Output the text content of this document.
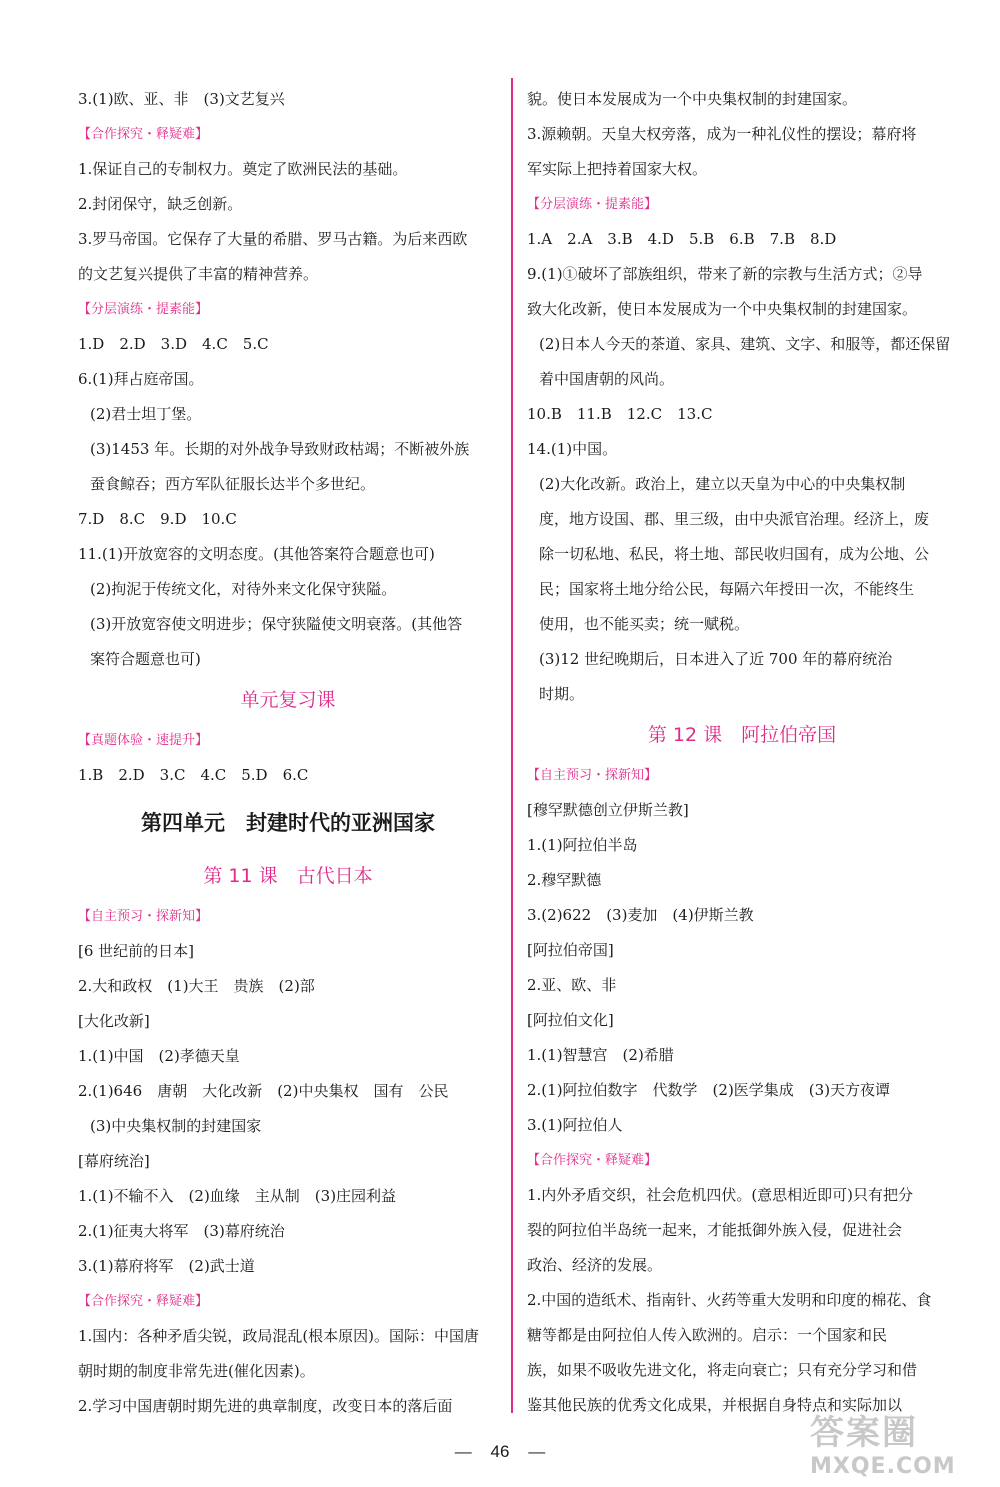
3.(1)欧、亚、非　(3)文艺复兴
【合作探究・释疑难】
1.保证自己的专制权力。奠定了欧洲民法的基础。
2.封闭保守，缺乏创新。
3.罗马帝国。它保存了大量的希腊、罗马古籍。为后来西欧
的文艺复兴提供了丰富的精神营养。
【分层演练・提素能】
1.D　2.D　3.D　4.C　5.C
6.(1)拜占庭帝国。
(2)君士坦丁堡。
(3)1453 年。长期的对外战争导致财政枯竭；不断被外族
蚕食鲸吞；西方军队征服长达半个多世纪。
7.D　8.C　9.D　10.C
11.(1)开放宽容的文明态度。(其他答案符合题意也可)
(2)拘泥于传统文化，对待外来文化保守狭隘。
(3)开放宽容使文明进步；保守狭隘使文明衰落。(其他答
案符合题意也可)
单元复习课
【真题体验・速提升】
1.B　2.D　3.C　4.C　5.D　6.C
第四单元　封建时代的亚洲国家
第 11 课　古代日本
【自主预习・探新知】
[6 世纪前的日本]
2.大和政权　(1)大王　贵族　(2)部
[大化改新]
1.(1)中国　(2)孝德天皇
2.(1)646　唐朝　大化改新　(2)中央集权　国有　公民
(3)中央集权制的封建国家
[幕府统治]
1.(1)不输不入　(2)血缘　主从制　(3)庄园利益
2.(1)征夷大将军　(3)幕府统治
3.(1)幕府将军　(2)武士道
【合作探究・释疑难】
1.国内：各种矛盾尖锐，政局混乱(根本原因)。国际：中国唐
朝时期的制度非常先进(催化因素)。
2.学习中国唐朝时期先进的典章制度，改变日本的落后面
貌。使日本发展成为一个中央集权制的封建国家。
3.源赖朝。天皇大权旁落，成为一种礼仪性的摆设；幕府将
军实际上把持着国家大权。
【分层演练・提素能】
1.A　2.A　3.B　4.D　5.B　6.B　7.B　8.D
9.(1)①破坏了部族组织，带来了新的宗教与生活方式；②导
致大化改新，使日本发展成为一个中央集权制的封建国家。
(2)日本人今天的茶道、家具、建筑、文字、和服等，都还保留
着中国唐朝的风尚。
10.B　11.B　12.C　13.C
14.(1)中国。
(2)大化改新。政治上，建立以天皇为中心的中央集权制
度，地方设国、郡、里三级，由中央派官治理。经济上，废
除一切私地、私民，将土地、部民收归国有，成为公地、公
民；国家将土地分给公民，每隔六年授田一次，不能终生
使用，也不能买卖；统一赋税。
(3)12 世纪晚期后，日本进入了近 700 年的幕府统治
时期。
第 12 课　阿拉伯帝国
【自主预习・探新知】
[穆罕默德创立伊斯兰教]
1.(1)阿拉伯半岛
2.穆罕默德
3.(2)622　(3)麦加　(4)伊斯兰教
[阿拉伯帝国]
2.亚、欧、非
[阿拉伯文化]
1.(1)智慧宫　(2)希腊
2.(1)阿拉伯数字　代数学　(2)医学集成　(3)天方夜谭
3.(1)阿拉伯人
【合作探究・释疑难】
1.内外矛盾交织，社会危机四伏。(意思相近即可)只有把分
裂的阿拉伯半岛统一起来，才能抵御外族入侵，促进社会
政治、经济的发展。
2.中国的造纸术、指南针、火药等重大发明和印度的棉花、食
糖等都是由阿拉伯人传入欧洲的。启示：一个国家和民
族，如果不吸收先进文化，将走向衰亡；只有充分学习和借
鉴其他民族的优秀文化成果，并根据自身特点和实际加以
— 46 —	答案圈
MXQE.COM
